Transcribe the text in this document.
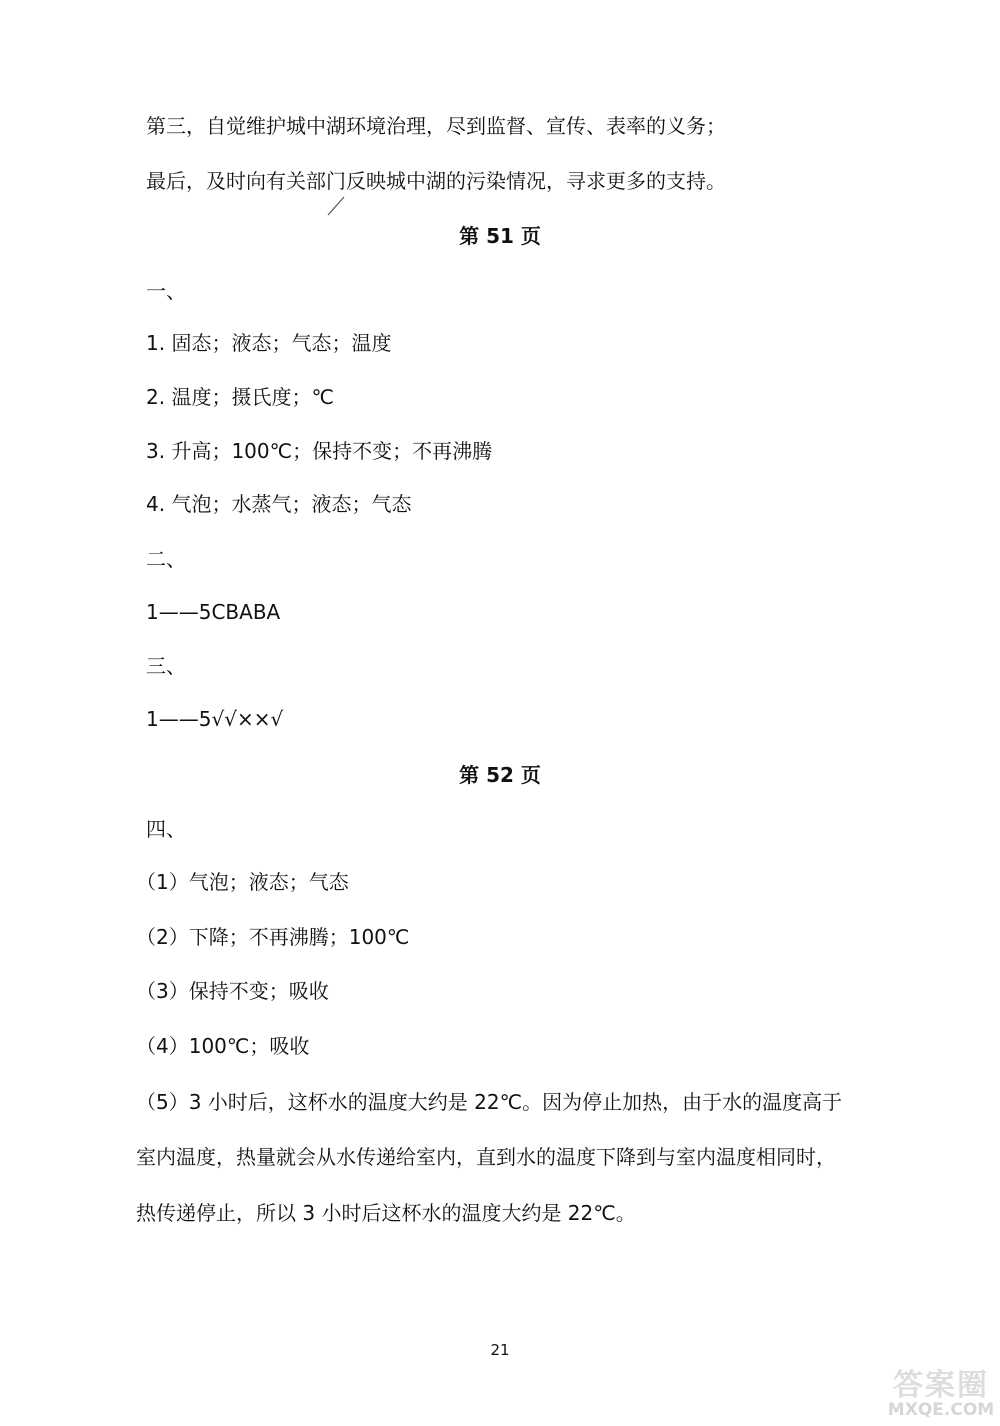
第三，自觉维护城中湖环境治理，尽到监督、宣传、表率的义务；
最后，及时向有关部门反映城中湖的污染情况，寻求更多的支持。
第 51 页
一、
1. 固态；液态；气态；温度
2. 温度；摄氏度；℃
3. 升高；100℃；保持不变；不再沸腾
4. 气泡；水蒸气；液态；气态
二、
1——5CBABA
三、
1——5√√××√
第 52 页
四、
（1）气泡；液态；气态
（2）下降；不再沸腾；100℃
（3）保持不变；吸收
（4）100℃；吸收
（5）3 小时后，这杯水的温度大约是 22℃。因为停止加热，由于水的温度高于
室内温度，热量就会从水传递给室内，直到水的温度下降到与室内温度相同时，
热传递停止，所以 3 小时后这杯水的温度大约是 22℃。
21
答案圈
MXQE.COM
